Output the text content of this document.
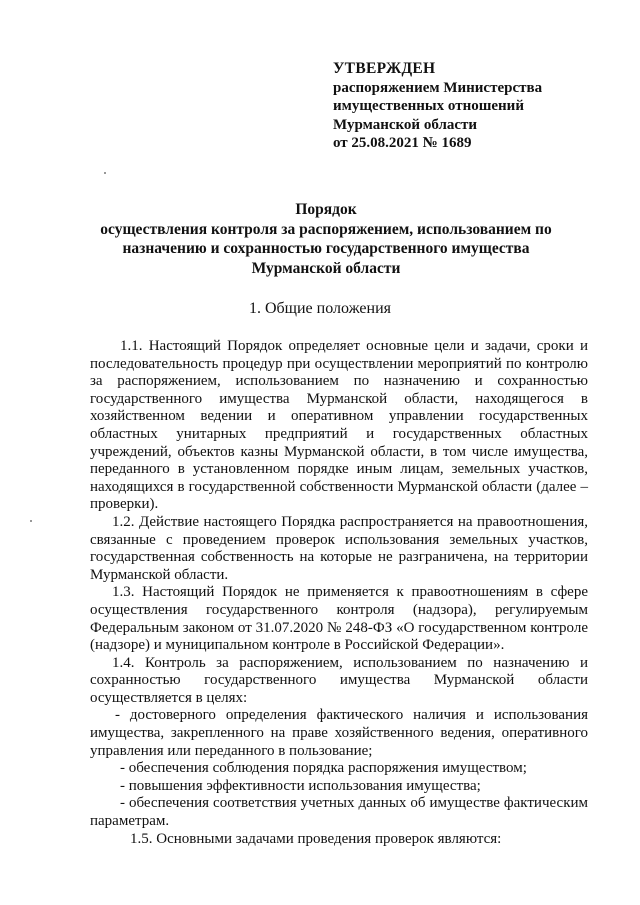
УТВЕРЖДЕН
распоряжением Министерства
имущественных отношений
Мурманской области
от 25.08.2021 № 1689
Порядок
осуществления контроля за распоряжением, использованием по
назначению и сохранностью государственного имущества
Мурманской области
1. Общие положения

1.1. Настоящий Порядок определяет основные цели и задачи, сроки и последовательность процедур при осуществлении мероприятий по контролю за распоряжением, использованием по назначению и сохранностью государственного имущества Мурманской области, находящегося в хозяйственном ведении и оперативном управлении государственных областных унитарных предприятий и государственных областных учреждений, объектов казны Мурманской области, в том числе имущества, переданного в установленном порядке иным лицам, земельных участков, находящихся в государственной собственности Мурманской области (далее – проверки).

1.2. Действие настоящего Порядка распространяется на правоотношения, связанные с проведением проверок использования земельных участков, государственная собственность на которые не разграничена, на территории Мурманской области.

1.3. Настоящий Порядок не применяется к правоотношениям в сфере осуществления государственного контроля (надзора), регулируемым Федеральным законом от 31.07.2020 № 248-ФЗ «О государственном контроле (надзоре) и муниципальном контроле в Российской Федерации».

1.4. Контроль за распоряжением, использованием по назначению и сохранностью государственного имущества Мурманской области осуществляется в целях:

- достоверного определения фактического наличия и использования имущества, закрепленного на праве хозяйственного ведения, оперативного управления или переданного в пользование;

- обеспечения соблюдения порядка распоряжения имуществом;

- повышения эффективности использования имущества;

- обеспечения соответствия учетных данных об имуществе фактическим параметрам.

1.5. Основными задачами проведения проверок являются:
